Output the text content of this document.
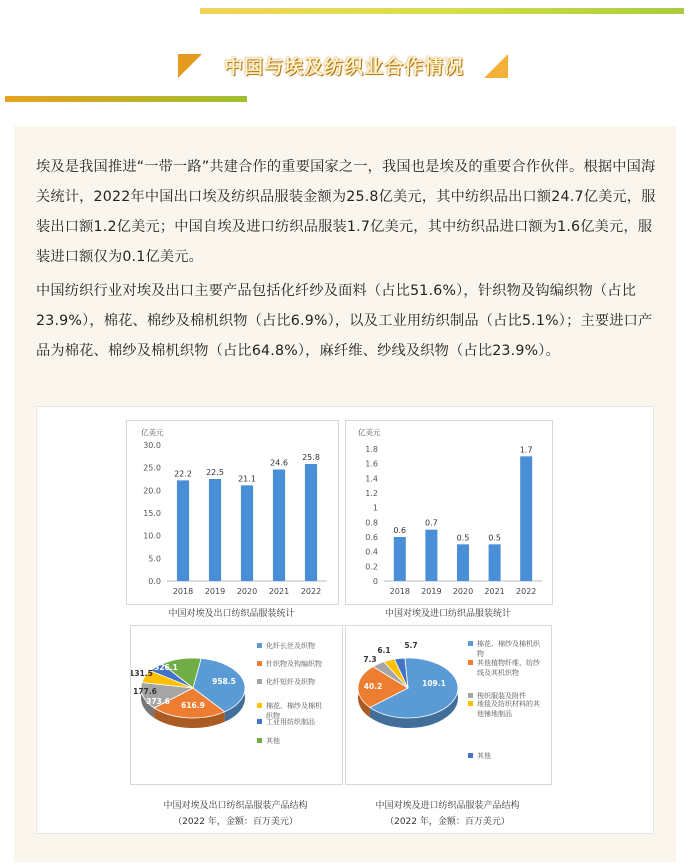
中国与埃及纺织业合作情况
埃及是我国推进“一带一路”共建合作的重要国家之一，我国也是埃及的重要合作伙伴。根据中国海关统计，2022年中国出口埃及纺织品服装金额为25.8亿美元，其中纺织品出口额24.7亿美元，服装出口额1.2亿美元；中国自埃及进口纺织品服装1.7亿美元，其中纺织品进口额为1.6亿美元，服装进口额仅为0.1亿美元。
中国纺织行业对埃及出口主要产品包括化纤纱及面料（占比51.6%），针织物及钩编织物（占比23.9%），棉花、棉纱及棉机织物（占比6.9%），以及工业用纺织制品（占比5.1%）；主要进口产品为棉花、棉纱及棉机织物（占比64.8%），麻纤维、纱线及织物（占比23.9%）。
亿美元
0.0
5.0
10.0
15.0
20.0
25.0
30.0
22.2
2018
22.5
2019
21.1
2020
24.6
2021
25.8
2022
中国对埃及出口纺织品服装统计
亿美元
0
0.2
0.4
0.6
0.8
1
1.2
1.4
1.6
1.8
0.6
2018
0.7
2019
0.5
2020
0.5
2021
1.7
2022
中国对埃及进口纺织品服装统计
958.5
616.9
373.6
177.6
131.5
326.1
化纤长丝及织物
针织物及钩编织物
化纤短纤及织物
棉花、棉纱及棉机
织物
工业用纺织制品
其他
中国对埃及出口纺织品服装产品结构
（2022 年，金额：百万美元）
109.1
40.2
7.3
6.1
5.7	棉花、棉纱及棉机织
物
其他植物纤维、纺纱
线及其机织物
梭织服装及附件
地毯及纺织材料的其
他铺地制品
其他
中国对埃及进口纺织品服装产品结构
（2022 年，金额：百万美元）
